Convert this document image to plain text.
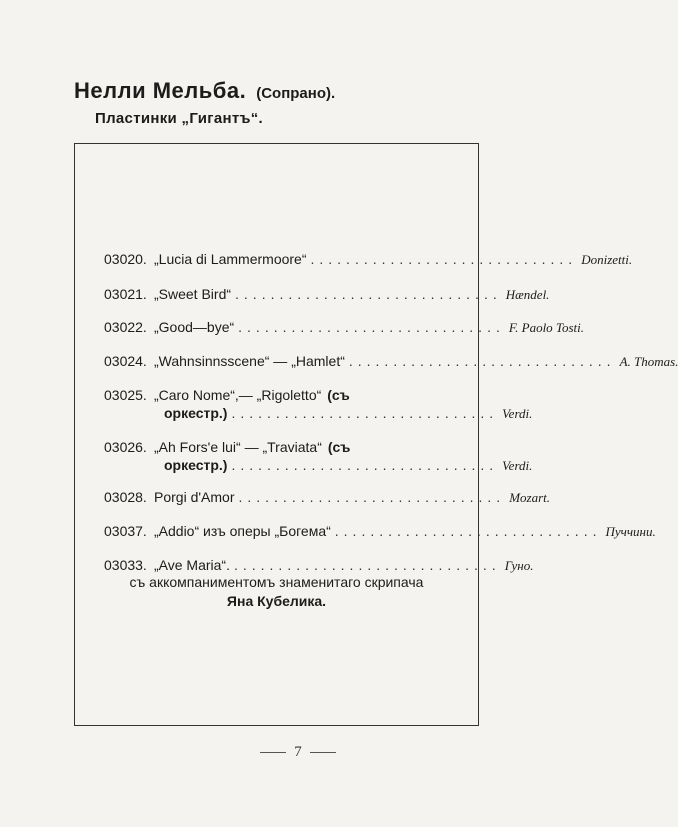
Нелли Мельба. (Сопрано).
Пластинки „Гигантъ“.
03020. „Lucia di Lammermoore“ .............................. Donizetti.
03021. „Sweet Bird“ .............................. Hændel.
03022. „Good—bye“ .............................. F. Paolo Tosti.
03024. „Wahnsinnsscene“ — „Hamlet“ .............................. A. Thomas.
03025. „Caro Nome“,— „Rigoletto“ (съ
оркестр.) .............................. Verdi.
03026. „Ah Fors'e lui“ — „Traviata“ (съ
оркестр.) .............................. Verdi.
03028. Porgi d'Amor .............................. Mozart.
03037. „Addio“ изъ оперы „Богема“ .............................. Пуччини.
03033. „Ave Maria“. .............................. Гуно.
съ аккомпаниментомъ знаменитаго скрипача
Яна Кубелика.
7
